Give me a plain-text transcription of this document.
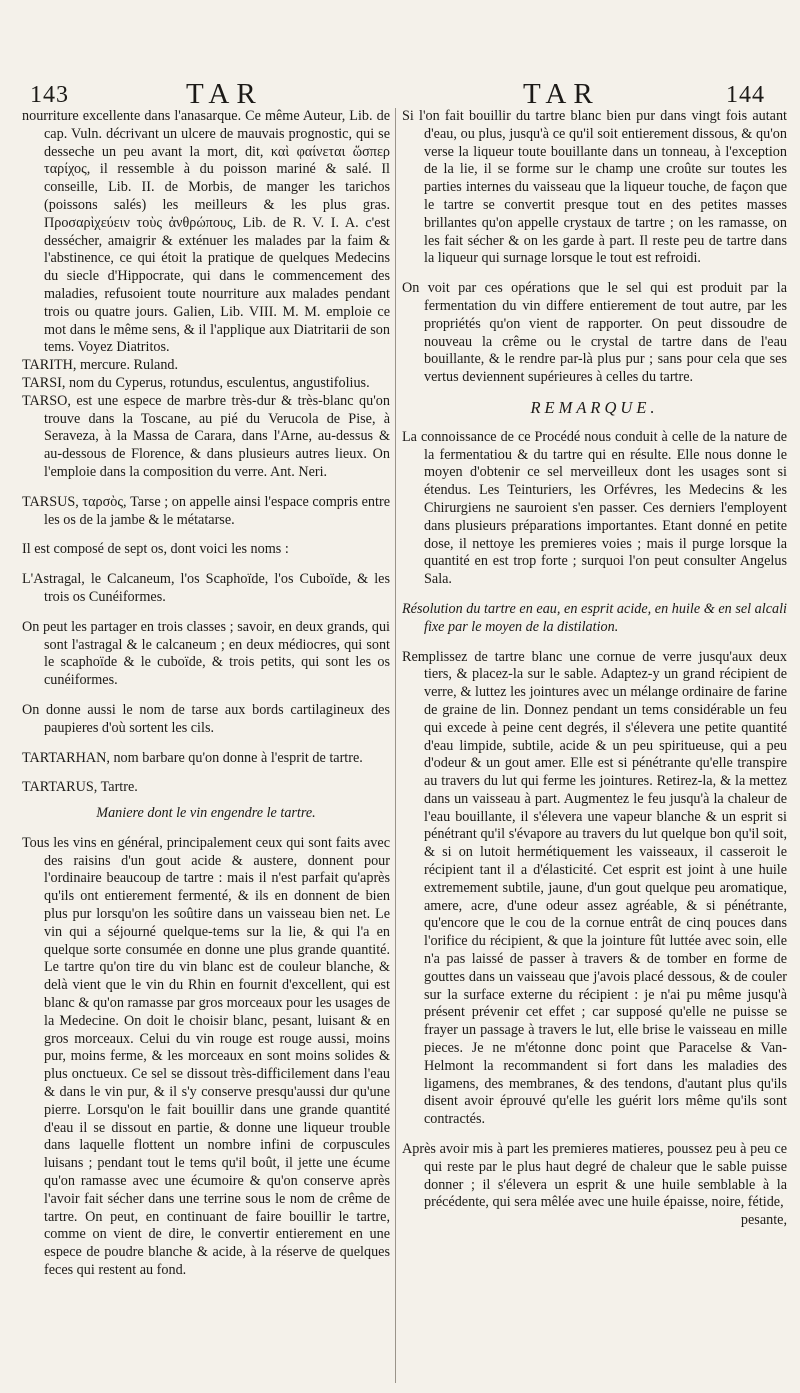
143	TAR	TAR	144

nourriture excellente dans l'anasarque. Ce même Auteur, Lib. de cap. Vuln. décrivant un ulcere de mauvais prognostic, qui se desseche un peu avant la mort, dit, καὶ φαίνεται ὥσπερ ταρίχος, il ressemble à du poisson mariné & salé. Il conseille, Lib. II. de Morbis, de manger les tarichos (poissons salés) les meilleurs & les plus gras. Προσαρὶχεύειν τοὺς ἀνθρώπους, Lib. de R. V. I. A. c'est dessécher, amaigrir & exténuer les malades par la faim & l'abstinence, ce qui étoit la pratique de quelques Medecins du siecle d'Hippocrate, qui dans le commencement des maladies, refusoient toute nourriture aux malades pendant trois ou quatre jours. Galien, Lib. VIII. M. M. emploie ce mot dans le même sens, & il l'applique aux Diatritarii de son tems. Voyez Diatritos.

TARITH, mercure. Ruland.

TARSI, nom du Cyperus, rotundus, esculentus, angustifolius.

TARSO, est une espece de marbre très-dur & très-blanc qu'on trouve dans la Toscane, au pié du Verucola de Pise, à Seraveza, à la Massa de Carara, dans l'Arne, au-dessus & au-dessous de Florence, & dans plusieurs autres lieux. On l'emploie dans la composition du verre. Ant. Neri.

TARSUS, ταρσὸς, Tarse ; on appelle ainsi l'espace compris entre les os de la jambe & le métatarse.

Il est composé de sept os, dont voici les noms :

L'Astragal, le Calcaneum, l'os Scaphoïde, l'os Cuboïde, & les trois os Cunéiformes.

On peut les partager en trois classes ; savoir, en deux grands, qui sont l'astragal & le calcaneum ; en deux médiocres, qui sont le scaphoïde & le cuboïde, & trois petits, qui sont les os cunéiformes.

On donne aussi le nom de tarse aux bords cartilagineux des paupieres d'où sortent les cils.

TARTARHAN, nom barbare qu'on donne à l'esprit de tartre.

TARTARUS, Tartre.

Maniere dont le vin engendre le tartre.

Tous les vins en général, principalement ceux qui sont faits avec des raisins d'un gout acide & austere, donnent pour l'ordinaire beaucoup de tartre : mais il n'est parfait qu'après qu'ils ont entierement fermenté, & ils en donnent de bien plus pur lorsqu'on les soûtire dans un vaisseau bien net. Le vin qui a séjourné quelque-tems sur la lie, & qui l'a en quelque sorte consumée en donne une plus grande quantité. Le tartre qu'on tire du vin blanc est de couleur blanche, & delà vient que le vin du Rhin en fournit d'excellent, qui est blanc & qu'on ramasse par gros morceaux pour les usages de la Medecine. On doit le choisir blanc, pesant, luisant & en gros morceaux. Celui du vin rouge est rouge aussi, moins pur, moins ferme, & les morceaux en sont moins solides & plus onctueux. Ce sel se dissout très-difficilement dans l'eau & dans le vin pur, & il s'y conserve presqu'aussi dur qu'une pierre. Lorsqu'on le fait bouillir dans une grande quantité d'eau il se dissout en partie, & donne une liqueur trouble dans laquelle flottent un nombre infini de corpuscules luisans ; pendant tout le tems qu'il boût, il jette une écume qu'on ramasse avec une écumoire & qu'on conserve après l'avoir fait sécher dans une terrine sous le nom de crême de tartre. On peut, en continuant de faire bouillir le tartre, comme on vient de dire, le convertir entierement en une espece de poudre blanche & acide, à la réserve de quelques feces qui restent au fond.

Si l'on fait bouillir du tartre blanc bien pur dans vingt fois autant d'eau, ou plus, jusqu'à ce qu'il soit entierement dissous, & qu'on verse la liqueur toute bouillante dans un tonneau, à l'exception de la lie, il se forme sur le champ une croûte sur toutes les parties internes du vaisseau que la liqueur touche, de façon que le tartre se convertit presque tout en des petites masses brillantes qu'on appelle crystaux de tartre ; on les ramasse, on les fait sécher & on les garde à part. Il reste peu de tartre dans la liqueur qui surnage lorsque le tout est refroidi.

On voit par ces opérations que le sel qui est produit par la fermentation du vin differe entierement de tout autre, par les propriétés qu'on vient de rapporter. On peut dissoudre de nouveau la crême ou le crystal de tartre dans de l'eau bouillante, & le rendre par-là plus pur ; sans pour cela que ses vertus deviennent supérieures à celles du tartre.

REMARQUE.

La connoissance de ce Procédé nous conduit à celle de la nature de la fermentatiou & du tartre qui en résulte. Elle nous donne le moyen d'obtenir ce sel merveilleux dont les usages sont si étendus. Les Teinturiers, les Orfévres, les Medecins & les Chirurgiens ne sauroient s'en passer. Ces derniers l'employent dans plusieurs préparations importantes. Etant donné en petite dose, il nettoye les premieres voies ; mais il purge lorsque la quantité en est trop forte ; surquoi l'on peut consulter Angelus Sala.

Résolution du tartre en eau, en esprit acide, en huile & en sel alcali fixe par le moyen de la distilation.

Remplissez de tartre blanc une cornue de verre jusqu'aux deux tiers, & placez-la sur le sable. Adaptez-y un grand récipient de verre, & luttez les jointures avec un mélange ordinaire de farine de graine de lin. Donnez pendant un tems considérable un feu qui excede à peine cent degrés, il s'élevera une petite quantité d'eau limpide, subtile, acide & un peu spiritueuse, qui a peu d'odeur & un gout amer. Elle est si pénétrante qu'elle transpire au travers du lut qui ferme les jointures. Retirez-la, & la mettez dans un vaisseau à part. Augmentez le feu jusqu'à la chaleur de l'eau bouillante, il s'élevera une vapeur blanche & un esprit si pénétrant qu'il s'évapore au travers du lut quelque bon qu'il soit, & si on lutoit hermétiquement les vaisseaux, il casseroit le récipient tant il a d'élasticité. Cet esprit est joint à une huile extremement subtile, jaune, d'un gout quelque peu aromatique, amere, acre, d'une odeur assez agréable, & si pénétrante, qu'encore que le cou de la cornue entrât de cinq pouces dans l'orifice du récipient, & que la jointure fût luttée avec soin, elle n'a pas laissé de passer à travers & de tomber en forme de gouttes dans un vaisseau que j'avois placé dessous, & de couler sur la surface externe du récipient : je n'ai pu même jusqu'à présent prévenir cet effet ; car supposé qu'elle ne puisse se frayer un passage à travers le lut, elle brise le vaisseau en mille pieces. Je ne m'étonne donc point que Paracelse & Van-Helmont la recommandent si fort dans les maladies des ligamens, des membranes, & des tendons, d'autant plus qu'ils disent avoir éprouvé qu'elle les guérit lors même qu'ils sont contractés.

Après avoir mis à part les premieres matieres, poussez peu à peu ce qui reste par le plus haut degré de chaleur que le sable puisse donner ; il s'élevera un esprit & une huile semblable à la précédente, qui sera mêlée avec une huile épaisse, noire, fétide,

pesante,
